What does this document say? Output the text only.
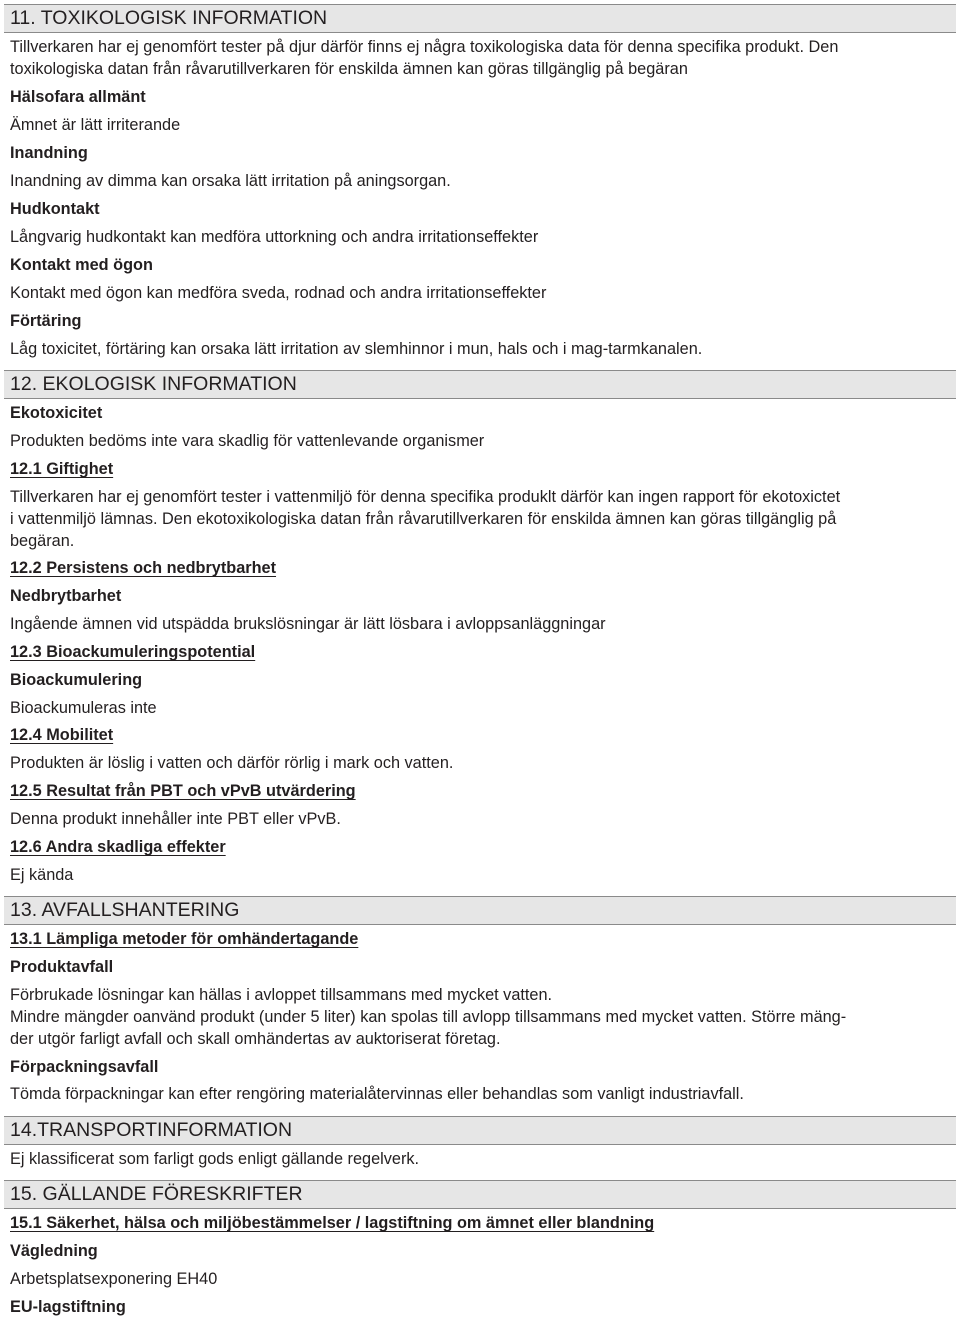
11. TOXIKOLOGISK INFORMATION
Tillverkaren har ej genomfört tester på djur därför finns ej några toxikologiska data för denna specifika produkt. Den
toxikologiska datan från råvarutillverkaren för enskilda ämnen kan göras tillgänglig på begäran
Hälsofara allmänt
Ämnet är lätt irriterande
Inandning
Inandning av dimma kan orsaka lätt irritation på aningsorgan.
Hudkontakt
Långvarig hudkontakt kan medföra uttorkning och andra irritationseffekter
Kontakt med ögon
Kontakt med ögon kan medföra sveda, rodnad och andra irritationseffekter
Förtäring
Låg toxicitet, förtäring kan orsaka lätt irritation av slemhinnor i mun, hals och i mag-tarmkanalen.
12. EKOLOGISK INFORMATION
Ekotoxicitet
Produkten bedöms inte vara skadlig för vattenlevande organismer
12.1 Giftighet
Tillverkaren har ej genomfört tester i vattenmiljö för denna specifika produklt därför kan ingen rapport för ekotoxictet
i vattenmiljö lämnas. Den ekotoxikologiska datan från råvarutillverkaren för enskilda ämnen kan göras tillgänglig på
begäran.
12.2 Persistens och nedbrytbarhet
Nedbrytbarhet
Ingående ämnen vid utspädda brukslösningar är lätt lösbara i avloppsanläggningar
12.3 Bioackumuleringspotential
Bioackumulering
Bioackumuleras inte
12.4 Mobilitet
Produkten är löslig i vatten och därför rörlig i mark och vatten.
12.5 Resultat från PBT och vPvB utvärdering
Denna produkt innehåller inte PBT eller vPvB.
12.6 Andra skadliga effekter
Ej kända
13. AVFALLSHANTERING
13.1 Lämpliga metoder för omhändertagande
Produktavfall
Förbrukade lösningar kan hällas i avloppet tillsammans med mycket vatten.
Mindre mängder oanvänd produkt (under 5 liter) kan spolas till avlopp tillsammans med mycket vatten. Större mäng-
der utgör farligt avfall och skall omhändertas av auktoriserat företag.
Förpackningsavfall
Tömda förpackningar kan efter rengöring materialåtervinnas eller behandlas som vanligt industriavfall.
14.TRANSPORTINFORMATION
Ej klassificerat som farligt gods enligt gällande regelverk.
15. GÄLLANDE FÖRESKRIFTER
15.1 Säkerhet, hälsa och miljöbestämmelser / lagstiftning om ämnet eller blandning
Vägledning
Arbetsplatsexponering EH40
EU-lagstiftning
